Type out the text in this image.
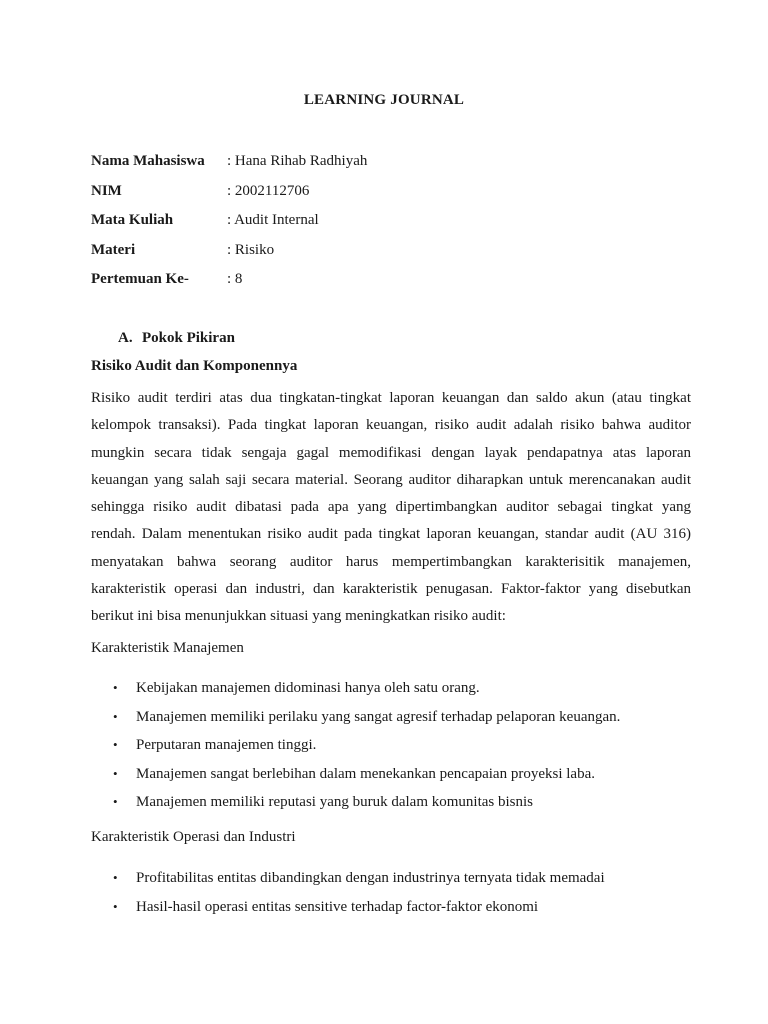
LEARNING JOURNAL
Nama Mahasiswa	: Hana Rihab Radhiyah
NIM	: 2002112706
Mata Kuliah	: Audit Internal
Materi	: Risiko
Pertemuan Ke-	: 8
A. Pokok Pikiran
Risiko Audit dan Komponennya
Risiko audit terdiri atas dua tingkatan-tingkat laporan keuangan dan saldo akun (atau tingkat
kelompok transaksi). Pada tingkat laporan keuangan, risiko audit adalah risiko bahwa auditor
mungkin secara tidak sengaja gagal memodifikasi dengan layak pendapatnya atas laporan
keuangan yang salah saji secara material. Seorang auditor diharapkan untuk merencanakan audit
sehingga risiko audit dibatasi pada apa yang dipertimbangkan auditor sebagai tingkat yang
rendah. Dalam menentukan risiko audit pada tingkat laporan keuangan, standar audit (AU 316)
menyatakan bahwa seorang auditor harus mempertimbangkan karakterisitik manajemen,
karakteristik operasi dan industri, dan karakteristik penugasan. Faktor-faktor yang disebutkan
berikut ini bisa menunjukkan situasi yang meningkatkan risiko audit:
Karakteristik Manajemen
•	Kebijakan manajemen didominasi hanya oleh satu orang.
•	Manajemen memiliki perilaku yang sangat agresif terhadap pelaporan keuangan.
•	Perputaran manajemen tinggi.
•	Manajemen sangat berlebihan dalam menekankan pencapaian proyeksi laba.
•	Manajemen memiliki reputasi yang buruk dalam komunitas bisnis
Karakteristik Operasi dan Industri
•	Profitabilitas entitas dibandingkan dengan industrinya ternyata tidak memadai
•	Hasil-hasil operasi entitas sensitive terhadap factor-faktor ekonomi
